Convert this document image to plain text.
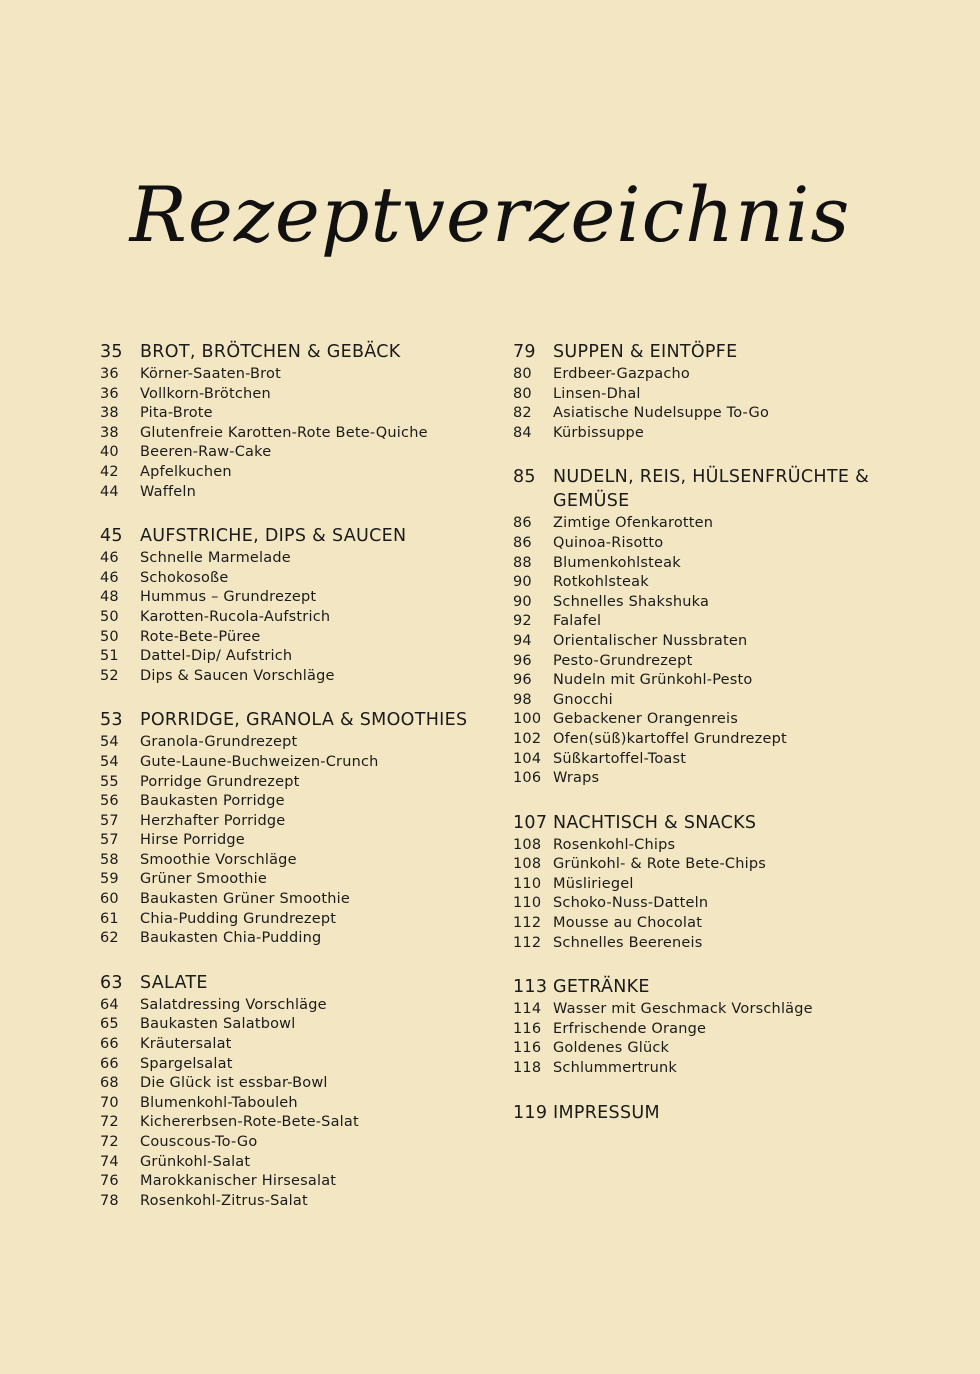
Rezeptverzeichnis
35 BROT, BRÖTCHEN & GEBÄCK
36	Körner-Saaten-Brot
36	Vollkorn-Brötchen
38	Pita-Brote
38	Glutenfreie Karotten-Rote Bete-Quiche
40	Beeren-Raw-Cake
42	Apfelkuchen
44	Waffeln
45 AUFSTRICHE, DIPS & SAUCEN
46	Schnelle Marmelade
46	Schokosoße
48	Hummus – Grundrezept
50	Karotten-Rucola-Aufstrich
50	Rote-Bete-Püree
51	Dattel-Dip/ Aufstrich
52	Dips & Saucen Vorschläge
53 PORRIDGE, GRANOLA & SMOOTHIES
54	Granola-Grundrezept
54	Gute-Laune-Buchweizen-Crunch
55	Porridge Grundrezept
56	Baukasten Porridge
57	Herzhafter Porridge
57	Hirse Porridge
58	Smoothie Vorschläge
59	Grüner Smoothie
60	Baukasten Grüner Smoothie
61	Chia-Pudding Grundrezept
62	Baukasten Chia-Pudding
63 SALATE
64	Salatdressing Vorschläge
65	Baukasten Salatbowl
66	Kräutersalat
66	Spargelsalat
68	Die Glück ist essbar-Bowl
70	Blumenkohl-Tabouleh
72	Kichererbsen-Rote-Bete-Salat
72	Couscous-To-Go
74	Grünkohl-Salat
76	Marokkanischer Hirsesalat
78	Rosenkohl-Zitrus-Salat
79 SUPPEN & EINTÖPFE
80	Erdbeer-Gazpacho
80	Linsen-Dhal
82	Asiatische Nudelsuppe To-Go
84	Kürbissuppe
85 NUDELN, REIS, HÜLSENFRÜCHTE & GEMÜSE
86	Zimtige Ofenkarotten
86	Quinoa-Risotto
88	Blumenkohlsteak
90	Rotkohlsteak
90	Schnelles Shakshuka
92	Falafel
94	Orientalischer Nussbraten
96	Pesto-Grundrezept
96	Nudeln mit Grünkohl-Pesto
98	Gnocchi
100 Gebackener Orangenreis
102 Ofen(süß)kartoffel Grundrezept
104 Süßkartoffel-Toast
106 Wraps
107 NACHTISCH & SNACKS
108 Rosenkohl-Chips
108 Grünkohl- & Rote Bete-Chips
110 Müsliriegel
110 Schoko-Nuss-Datteln
112 Mousse au Chocolat
112 Schnelles Beereneis
113 GETRÄNKE
114 Wasser mit Geschmack Vorschläge
116 Erfrischende Orange
116 Goldenes Glück
118 Schlummertrunk
119 IMPRESSUM
